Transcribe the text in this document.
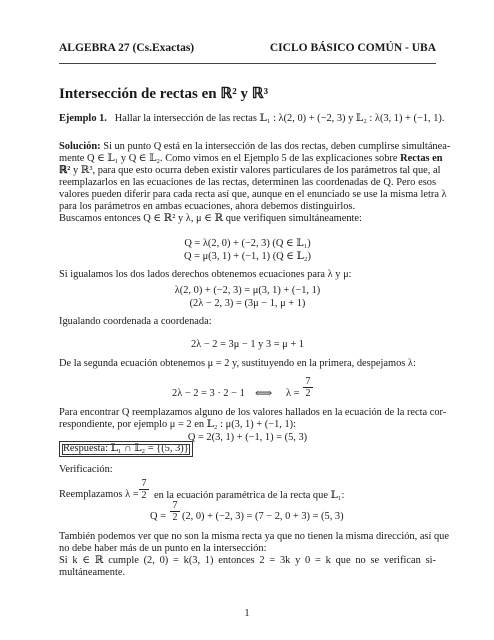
ALGEBRA 27 (Cs.Exactas)	CICLO BÁSICO COMÚN - UBA
Intersección de rectas en ℝ² y ℝ³
Ejemplo 1. Hallar la intersección de las rectas 𝕃₁ : λ(2, 0) + (−2, 3) y 𝕃₂ : λ(3, 1) + (−1, 1).
Solución: Si un punto Q está en la intersección de las dos rectas, deben cumplirse simultánea-
mente Q ∈ 𝕃₁ y Q ∈ 𝕃₂. Como vimos en el Ejemplo 5 de las explicaciones sobre Rectas en
ℝ² y ℝ³, para que esto ocurra deben existir valores particulares de los parámetros tal que, al
reemplazarlos en las ecuaciones de las rectas, determinen las coordenadas de Q. Pero esos
valores pueden diferir para cada recta así que, aunque en el enunciado se use la misma letra λ
para los parámetros en ambas ecuaciones, ahora debemos distinguirlos.
Buscamos entonces Q ∈ ℝ² y λ, μ ∈ ℝ que verifiquen simultáneamente:
Q = λ(2, 0) + (−2, 3) (Q ∈ 𝕃₁)
Q = μ(3, 1) + (−1, 1) (Q ∈ 𝕃₂)
Si igualamos los dos lados derechos obtenemos ecuaciones para λ y μ:
λ(2, 0) + (−2, 3) = μ(3, 1) + (−1, 1)
(2λ − 2, 3) = (3μ − 1, μ + 1)
Igualando coordenada a coordenada:
2λ − 2 = 3μ − 1 y 3 = μ + 1
De la segunda ecuación obtenemos μ = 2 y, sustituyendo en la primera, despejamos λ:
2λ − 2 = 3 · 2 − 1 ⟺ $\lambda = \frac{7}{2}$
Para encontrar Q reemplazamos alguno de los valores hallados en la ecuación de la recta cor-
respondiente, por ejemplo μ = 2 en 𝕃₂ : μ(3, 1) + (−1, 1):
Q = 2(3, 1) + (−1, 1) = (5, 3)
Respuesta: 𝕃₁ ∩ 𝕃₂ = {(5, 3)}
Verificación:
Reemplazamos λ =
7
2 en la ecuación paramétrica de la recta que 𝕃₁:
Q =
7
2 (2, 0) + (−2, 3) = (7 − 2, 0 + 3) = (5, 3)
También podemos ver que no son la misma recta ya que no tienen la misma dirección, así que
no debe haber más de un punto en la intersección:
Si k ∈ ℝ cumple (2, 0) = k(3, 1) entonces 2 = 3k y 0 = k que no se verifican si-
multáneamente.
1
